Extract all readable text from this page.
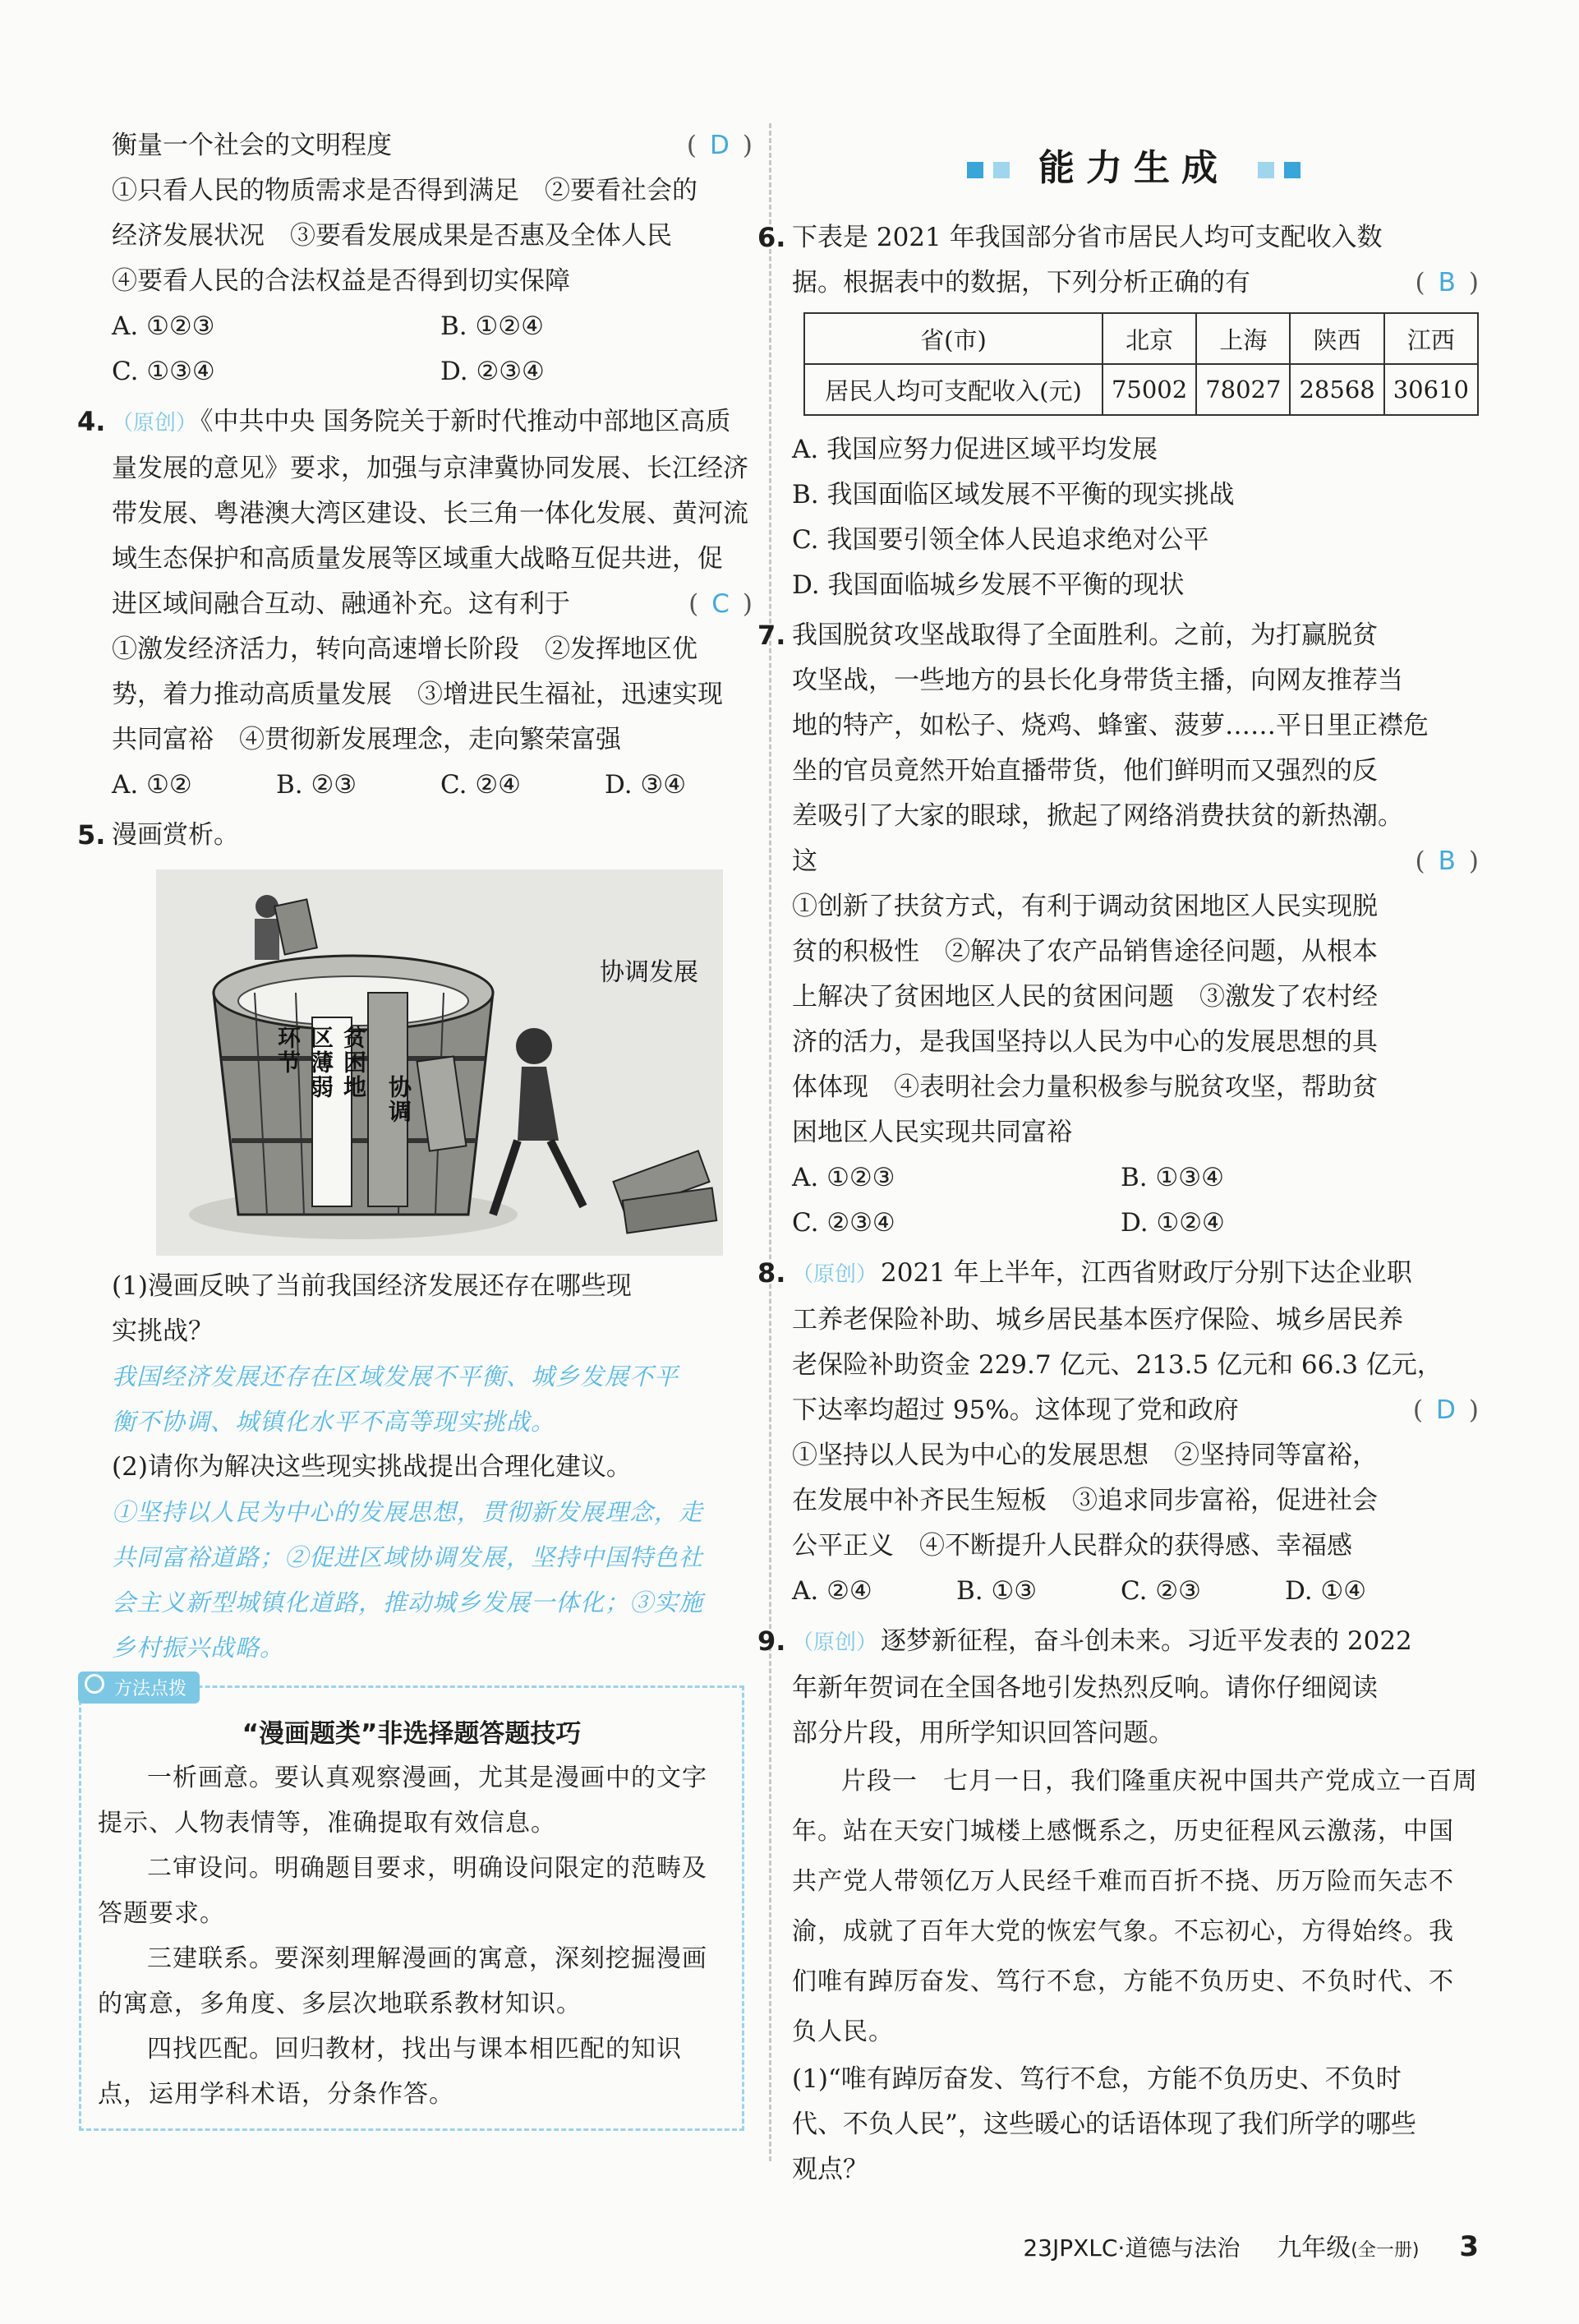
衡量一个社会的文明程度	( D )
①只看人民的物质需求是否得到满足　②要看社会的
经济发展状况　③要看发展成果是否惠及全体人民
④要看人民的合法权益是否得到切实保障
A. ①②③	B. ①②④
C. ①③④	D. ②③④
4. （原创） 《中共中央 国务院关于新时代推动中部地区高质
量发展的意见》要求，加强与京津冀协同发展、长江经济
带发展、粤港澳大湾区建设、长三角一体化发展、黄河流
域生态保护和高质量发展等区域重大战略互促共进，促
进区域间融合互动、融通补充。这有利于	( C )
①激发经济活力，转向高速增长阶段　②发挥地区优
势，着力推动高质量发展　③增进民生福祉，迅速实现
共同富裕　④贯彻新发展理念，走向繁荣富强
A. ①②	B. ②③	C. ②④	D. ③④
5. 漫画赏析。
贫困地区薄弱环节
协调
协调发展
(1)漫画反映了当前我国经济发展还存在哪些现
实挑战？
我国经济发展还存在区域发展不平衡、城乡发展不平
衡不协调、城镇化水平不高等现实挑战。
(2)请你为解决这些现实挑战提出合理化建议。
①坚持以人民为中心的发展思想，贯彻新发展理念，走
共同富裕道路；②促进区域协调发展，坚持中国特色社
会主义新型城镇化道路，推动城乡发展一体化；③实施
乡村振兴战略。
方法点拨
“漫画题类”非选择题答题技巧

一析画意。要认真观察漫画，尤其是漫画中的文字提示、人物表情等，准确提取有效信息。

二审设问。明确题目要求，明确设问限定的范畴及答题要求。

三建联系。要深刻理解漫画的寓意，深刻挖掘漫画的寓意，多角度、多层次地联系教材知识。

四找匹配。回归教材，找出与课本相匹配的知识点，运用学科术语，分条作答。

能力生成
6. 下表是 2021 年我国部分省市居民人均可支配收入数
据。根据表中的数据，下列分析正确的有	( B )
省(市)	北京	上海	陕西	江西
居民人均可支配收入(元)	75002	78027	28568	30610
A. 我国应努力促进区域平均发展
B. 我国面临区域发展不平衡的现实挑战
C. 我国要引领全体人民追求绝对公平
D. 我国面临城乡发展不平衡的现状
7. 我国脱贫攻坚战取得了全面胜利。之前，为打赢脱贫
攻坚战，一些地方的县长化身带货主播，向网友推荐当
地的特产，如松子、烧鸡、蜂蜜、菠萝……平日里正襟危
坐的官员竟然开始直播带货，他们鲜明而又强烈的反
差吸引了大家的眼球，掀起了网络消费扶贫的新热潮。
这	( B )
①创新了扶贫方式，有利于调动贫困地区人民实现脱
贫的积极性　②解决了农产品销售途径问题，从根本
上解决了贫困地区人民的贫困问题　③激发了农村经
济的活力，是我国坚持以人民为中心的发展思想的具
体体现　④表明社会力量积极参与脱贫攻坚，帮助贫
困地区人民实现共同富裕
A. ①②③	B. ①③④
C. ②③④	D. ①②④
8. （原创） 2021 年上半年，江西省财政厅分别下达企业职
工养老保险补助、城乡居民基本医疗保险、城乡居民养
老保险补助资金 229.7 亿元、213.5 亿元和 66.3 亿元，
下达率均超过 95%。这体现了党和政府	( D )
①坚持以人民为中心的发展思想　②坚持同等富裕，
在发展中补齐民生短板　③追求同步富裕，促进社会
公平正义　④不断提升人民群众的获得感、幸福感
A. ②④	B. ①③	C. ②③	D. ①④
9. （原创） 逐梦新征程，奋斗创未来。习近平发表的 2022
年新年贺词在全国各地引发热烈反响。请你仔细阅读
部分片段，用所学知识回答问题。
片段一　七月一日，我们隆重庆祝中国共产党成立一百周年。站在天安门城楼上感慨系之，历史征程风云激荡，中国共产党人带领亿万人民经千难而百折不挠、历万险而矢志不渝，成就了百年大党的恢宏气象。不忘初心，方得始终。我们唯有踔厉奋发、笃行不怠，方能不负历史、不负时代、不负人民。
(1)“唯有踔厉奋发、笃行不怠，方能不负历史、不负时
代、不负人民”，这些暖心的话语体现了我们所学的哪些
观点？
23JPXLC·道德与法治 九年级(全一册) 3
